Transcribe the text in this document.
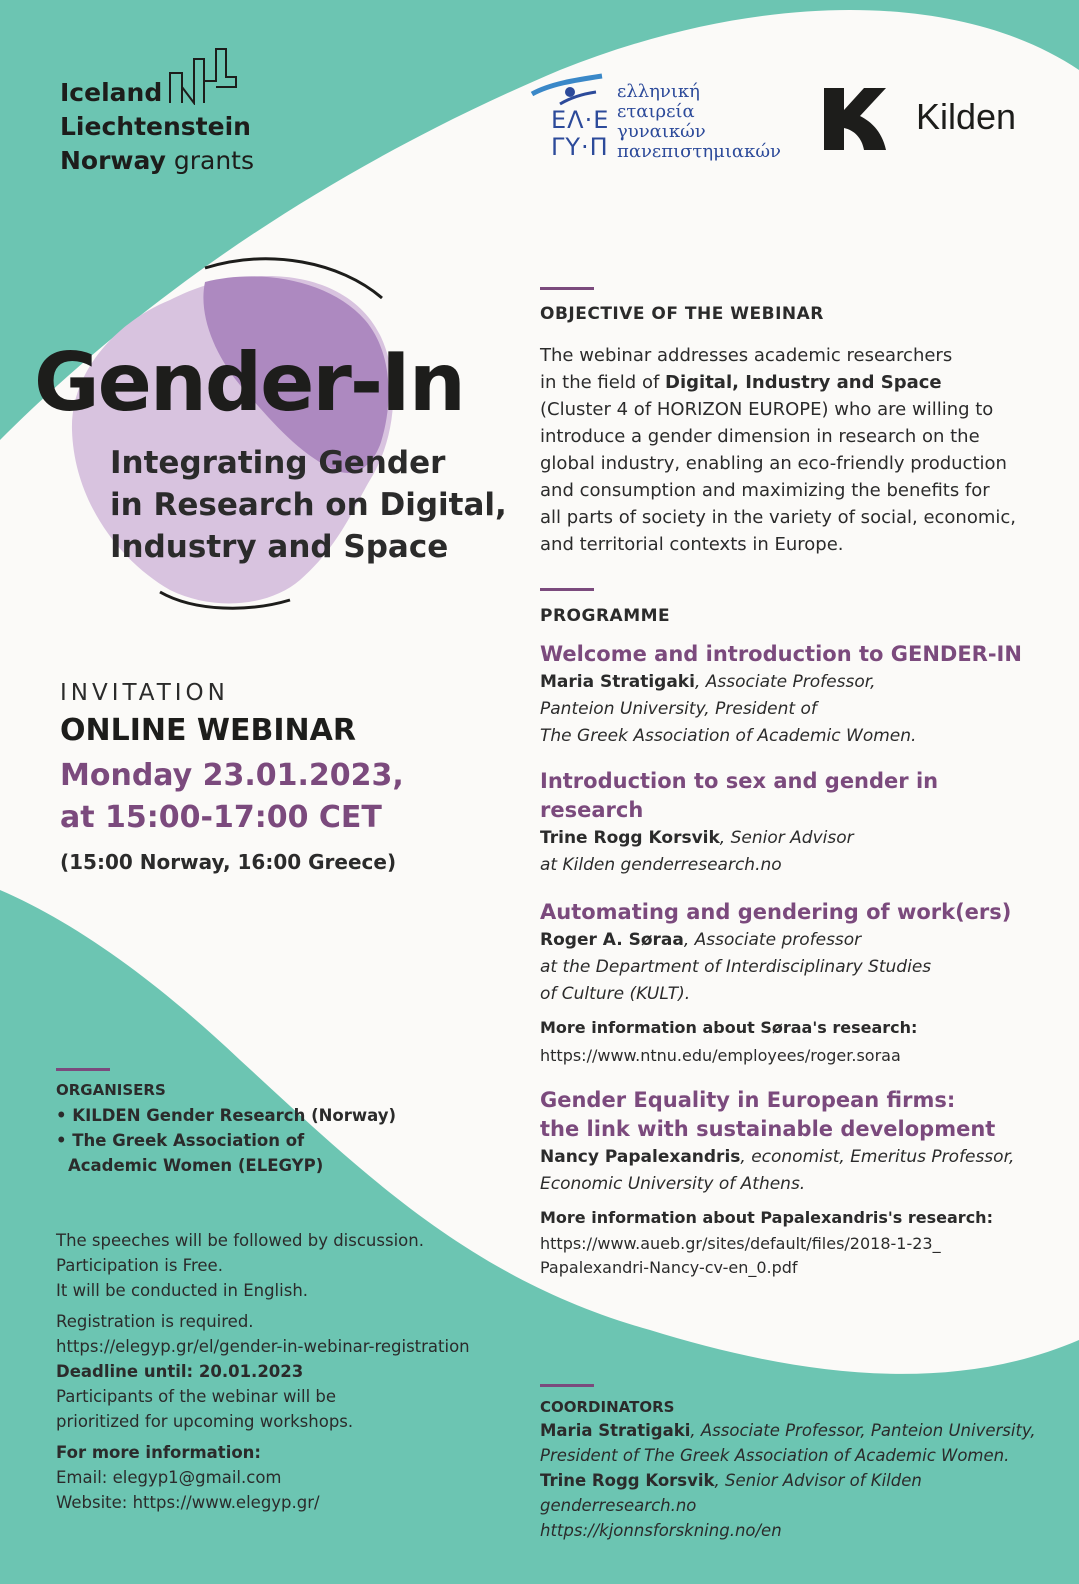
Iceland
Liechtenstein
Norway grants
ΕΛ·Ε
ΓΥ·Π
ελληνική
εταιρεία
γυναικών
πανεπιστημιακών
Kilden
Gender-In
Integrating Gender
in Research on Digital,
Industry and Space
INVITATION
ONLINE WEBINAR
Monday 23.01.2023,
at 15:00-17:00 CET
(15:00 Norway, 16:00 Greece)
ORGANISERS
• KILDEN Gender Research (Norway)
• The Greek Association of
Academic Women (ELEGYP)
The speeches will be followed by discussion.
Participation is Free.
It will be conducted in English.
Registration is required.
https://elegyp.gr/el/gender-in-webinar-registration
Deadline until: 20.01.2023
Participants of the webinar will be
prioritized for upcoming workshops.
For more information:
Email: elegyp1@gmail.com
Website: https://www.elegyp.gr/
OBJECTIVE OF THE WEBINAR
The webinar addresses academic researchers
in the field of Digital, Industry and Space
(Cluster 4 of HORIZON EUROPE) who are willing to
introduce a gender dimension in research on the
global industry, enabling an eco-friendly production
and consumption and maximizing the benefits for
all parts of society in the variety of social, economic,
and territorial contexts in Europe.
PROGRAMME
Welcome and introduction to GENDER-IN
Maria Stratigaki, Associate Professor,
Panteion University, President of
The Greek Association of Academic Women.
Introduction to sex and gender in research
Trine Rogg Korsvik, Senior Advisor
at Kilden genderresearch.no
Automating and gendering of work(ers)
Roger A. Søraa, Associate professor
at the Department of Interdisciplinary Studies
of Culture (KULT).
More information about Søraa's research:
https://www.ntnu.edu/employees/roger.soraa
Gender Equality in European firms:
the link with sustainable development
Nancy Papalexandris, economist, Emeritus Professor,
Economic University of Athens.
More information about Papalexandris's research:
https://www.aueb.gr/sites/default/files/2018-1-23_
Papalexandri-Nancy-cv-en_0.pdf
COORDINATORS
Maria Stratigaki, Associate Professor, Panteion University,
President of The Greek Association of Academic Women.
Trine Rogg Korsvik, Senior Advisor of Kilden genderresearch.no
https://kjonnsforskning.no/en
